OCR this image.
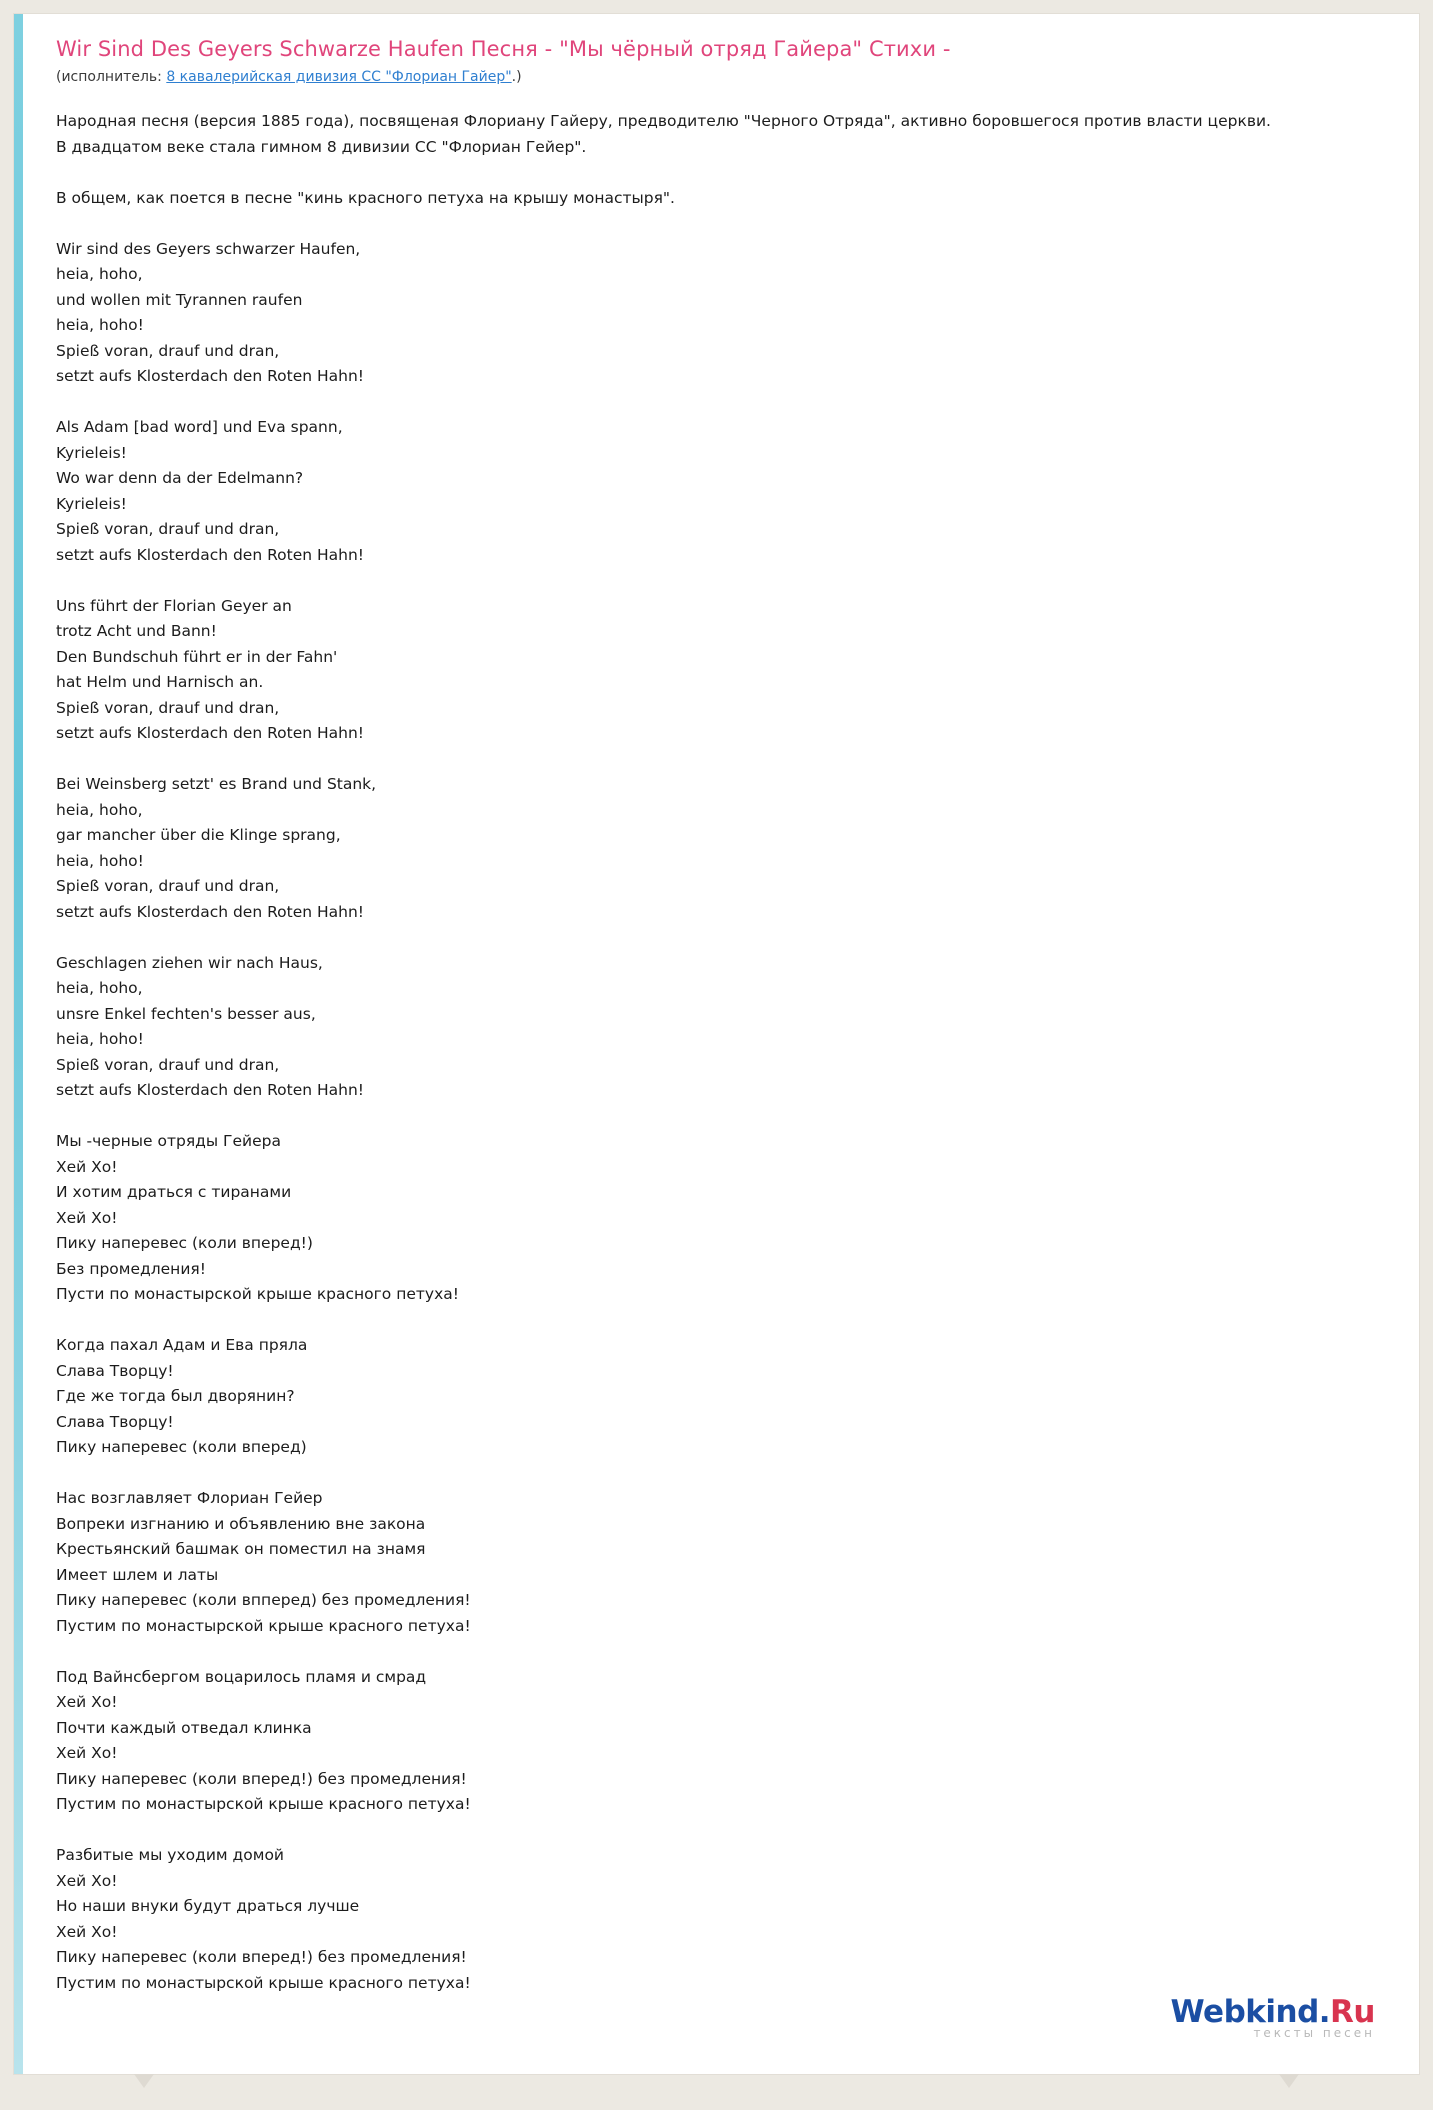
Wir Sind Des Geyers Schwarze Haufen Песня - "Мы чёрный отряд Гайера" Стихи -
(исполнитель: 8 кавалерийская дивизия СС "Флориан Гайер".)
Народная песня (версия 1885 года), посвященая Флориану Гайеру, предводителю "Черного Отряда", активно боровшегося против власти церкви.
В двадцатом веке стала гимном 8 дивизии СС "Флориан Гейер".

В общем, как поется в песне "кинь красного петуха на крышу монастыря".
Wir sind des Geyers schwarzer Haufen,
heia, hoho,
und wollen mit Tyrannen raufen
heia, hoho!
Spieß voran, drauf und dran,
setzt aufs Klosterdach den Roten Hahn!

Als Adam [bad word] und Eva spann,
Kyrieleis!
Wo war denn da der Edelmann?
Kyrieleis!
Spieß voran, drauf und dran,
setzt aufs Klosterdach den Roten Hahn!

Uns führt der Florian Geyer an
trotz Acht und Bann!
Den Bundschuh führt er in der Fahn'
hat Helm und Harnisch an.
Spieß voran, drauf und dran,
setzt aufs Klosterdach den Roten Hahn!

Bei Weinsberg setzt' es Brand und Stank,
heia, hoho,
gar mancher über die Klinge sprang,
heia, hoho!
Spieß voran, drauf und dran,
setzt aufs Klosterdach den Roten Hahn!

Geschlagen ziehen wir nach Haus,
heia, hoho,
unsre Enkel fechten's besser aus,
heia, hoho!
Spieß voran, drauf und dran,
setzt aufs Klosterdach den Roten Hahn!

Мы -черные отряды Гейера
Хей Хо!
И хотим драться с тиранами
Хей Хо!
Пику наперевес (коли вперед!)
Без промедления!
Пусти по монастырской крыше красного петуха!

Когда пахал Адам и Ева пряла
Слава Творцу!
Где же тогда был дворянин?
Слава Творцу!
Пику наперевес (коли вперед)

Нас возглавляет Флориан Гейер
Вопреки изгнанию и объявлению вне закона
Крестьянский башмак он поместил на знамя
Имеет шлем и латы
Пику наперевес (коли впперед) без промедления!
Пустим по монастырской крыше красного петуха!

Под Вайнсбергом воцарилось пламя и смрад
Хей Хо!
Почти каждый отведал клинка
Хей Хо!
Пику наперевес (коли вперед!) без промедления!
Пустим по монастырской крыше красного петуха!

Разбитые мы уходим домой
Хей Хо!
Но наши внуки будут драться лучше
Хей Хо!
Пику наперевес (коли вперед!) без промедления!
Пустим по монастырской крыше красного петуха!
Webkind.Ru
тексты песен
